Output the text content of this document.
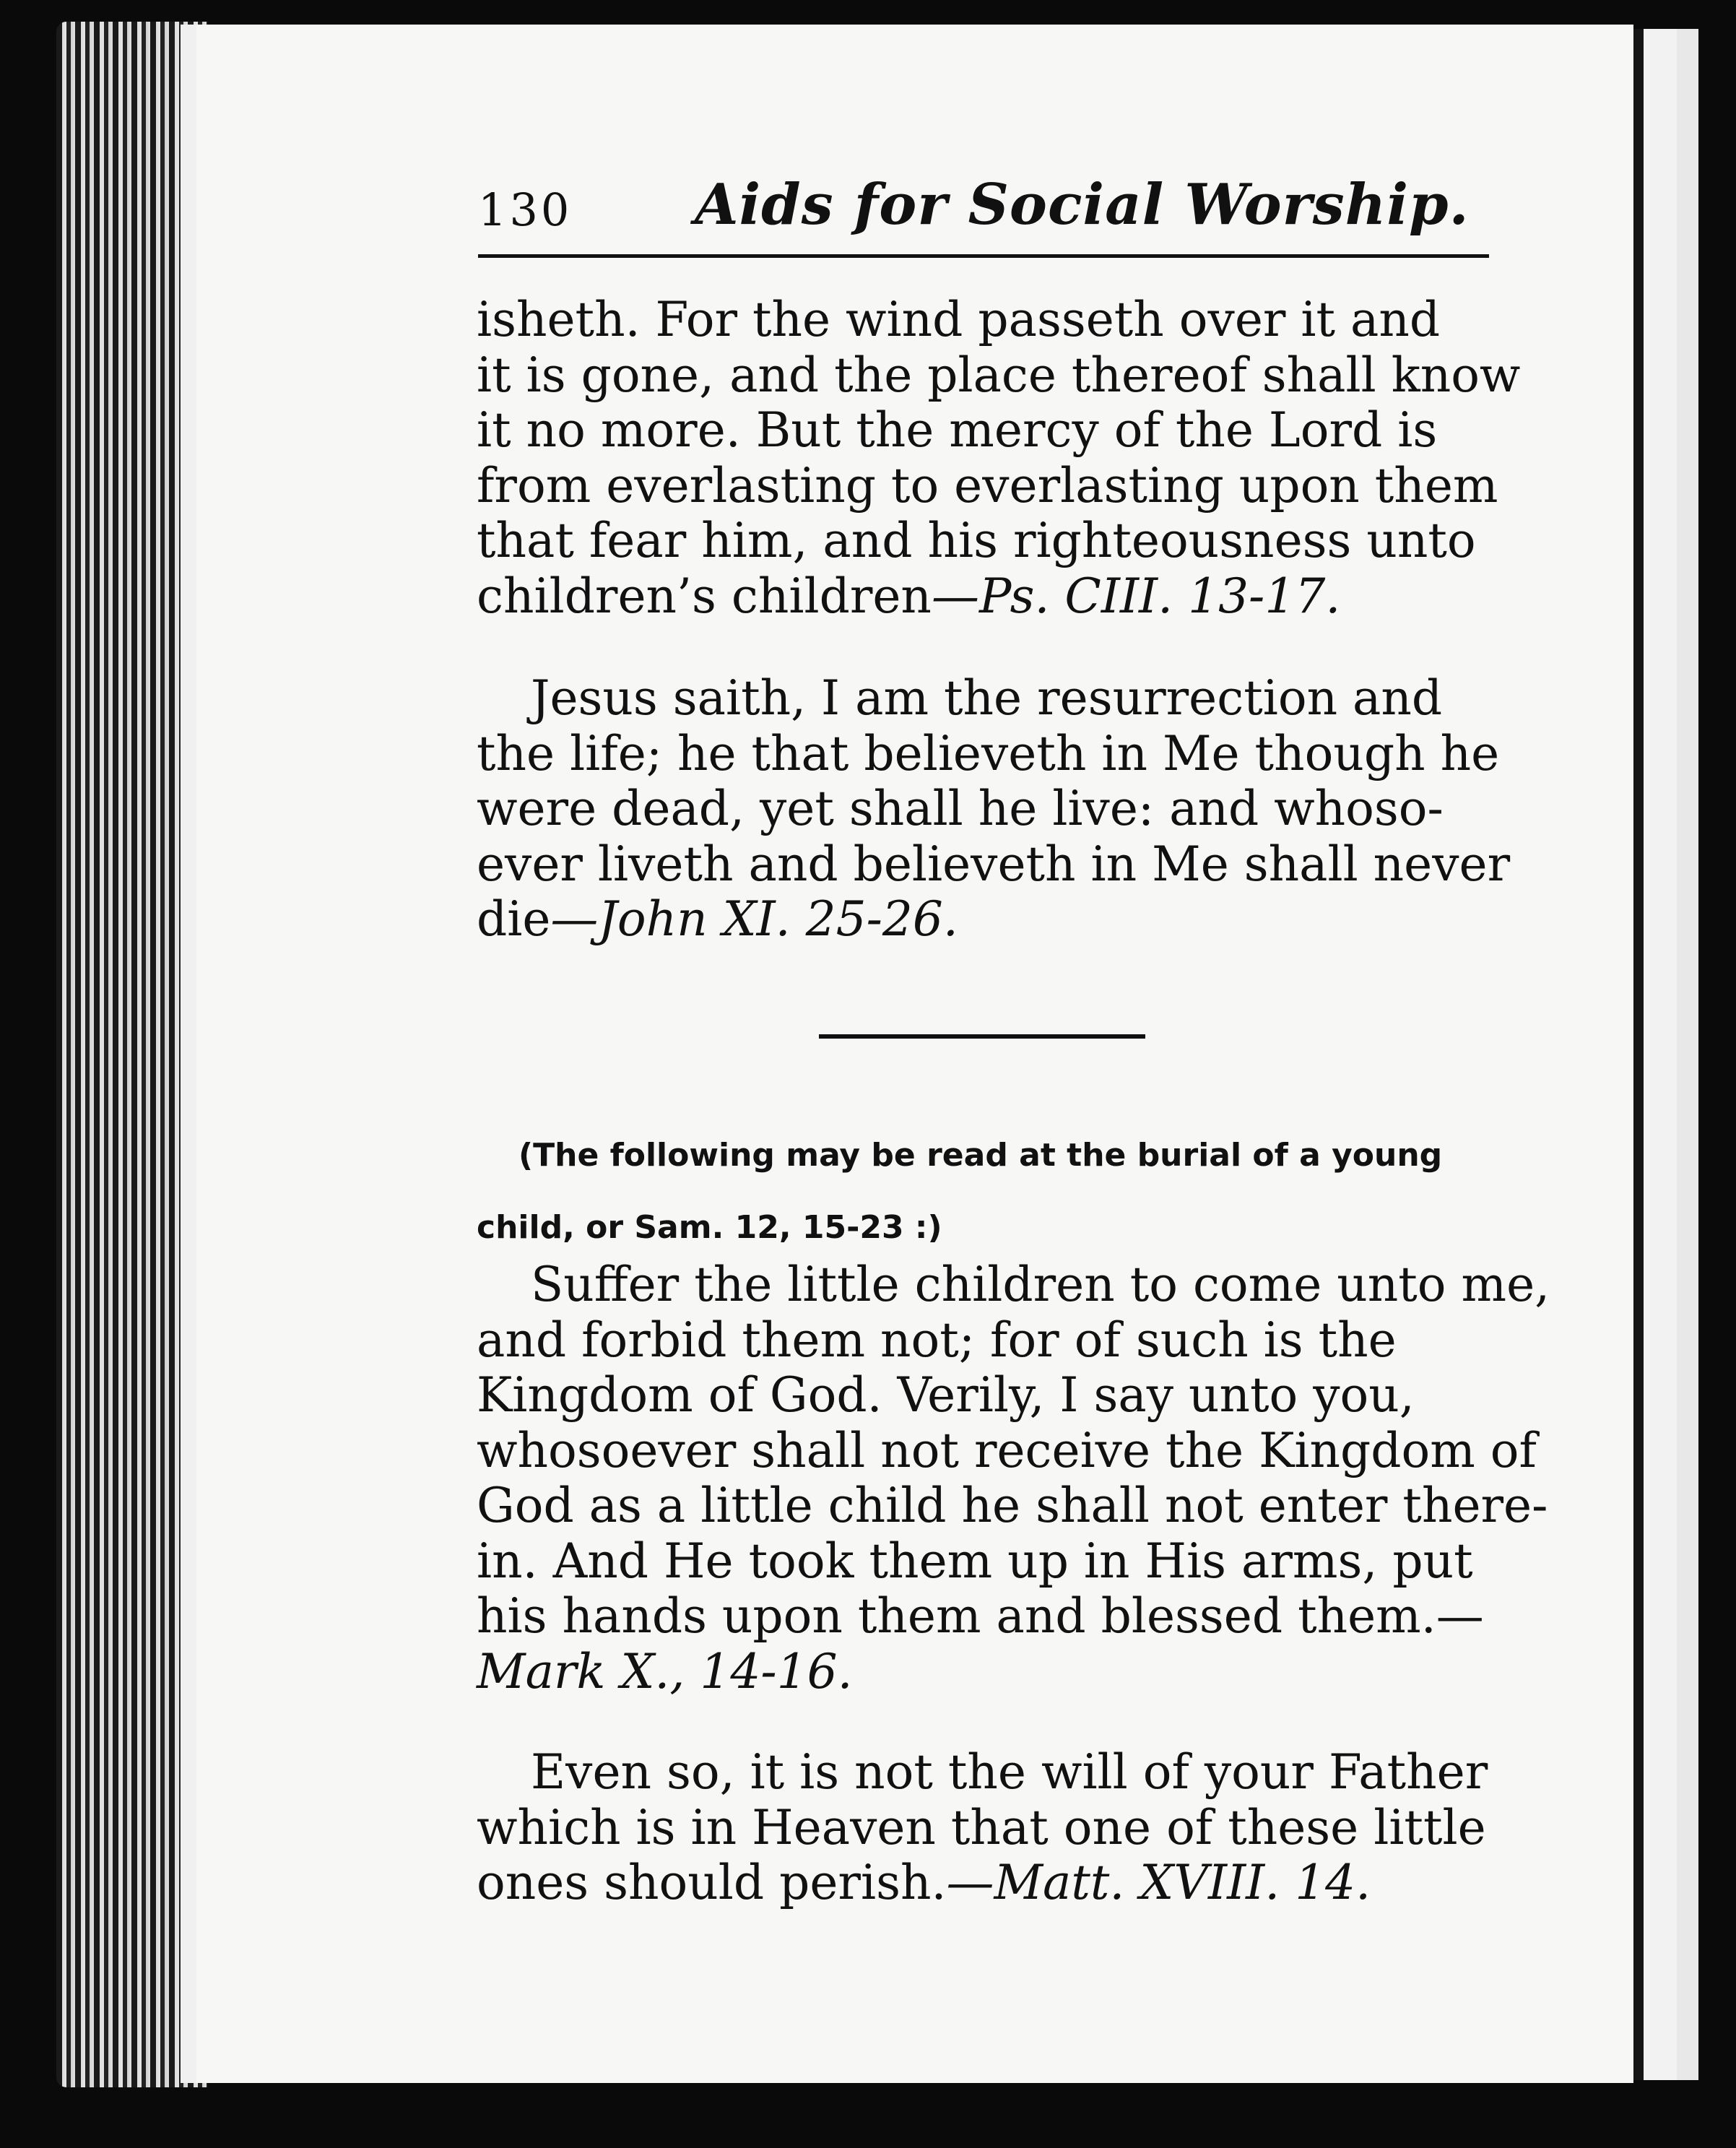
130 Aids for Social Worship.
isheth. For the wind passeth over it and
it is gone, and the place thereof shall know
it no more. But the mercy of the Lord is
from everlasting to everlasting upon them
that fear him, and his righteousness unto
children’s children—Ps. CIII. 13-17.
Jesus saith, I am the resurrection and
the life; he that believeth in Me though he
were dead, yet shall he live: and whoso-
ever liveth and believeth in Me shall never
die—John XI. 25-26.
(The following may be read at the burial of a young
child, or Sam. 12, 15-23 :)
Suffer the little children to come unto me,
and forbid them not; for of such is the
Kingdom of God. Verily, I say unto you,
whosoever shall not receive the Kingdom of
God as a little child he shall not enter there-
in. And He took them up in His arms, put
his hands upon them and blessed them.—
Mark X., 14-16.
Even so, it is not the will of your Father
which is in Heaven that one of these little
ones should perish.—Matt. XVIII. 14.
